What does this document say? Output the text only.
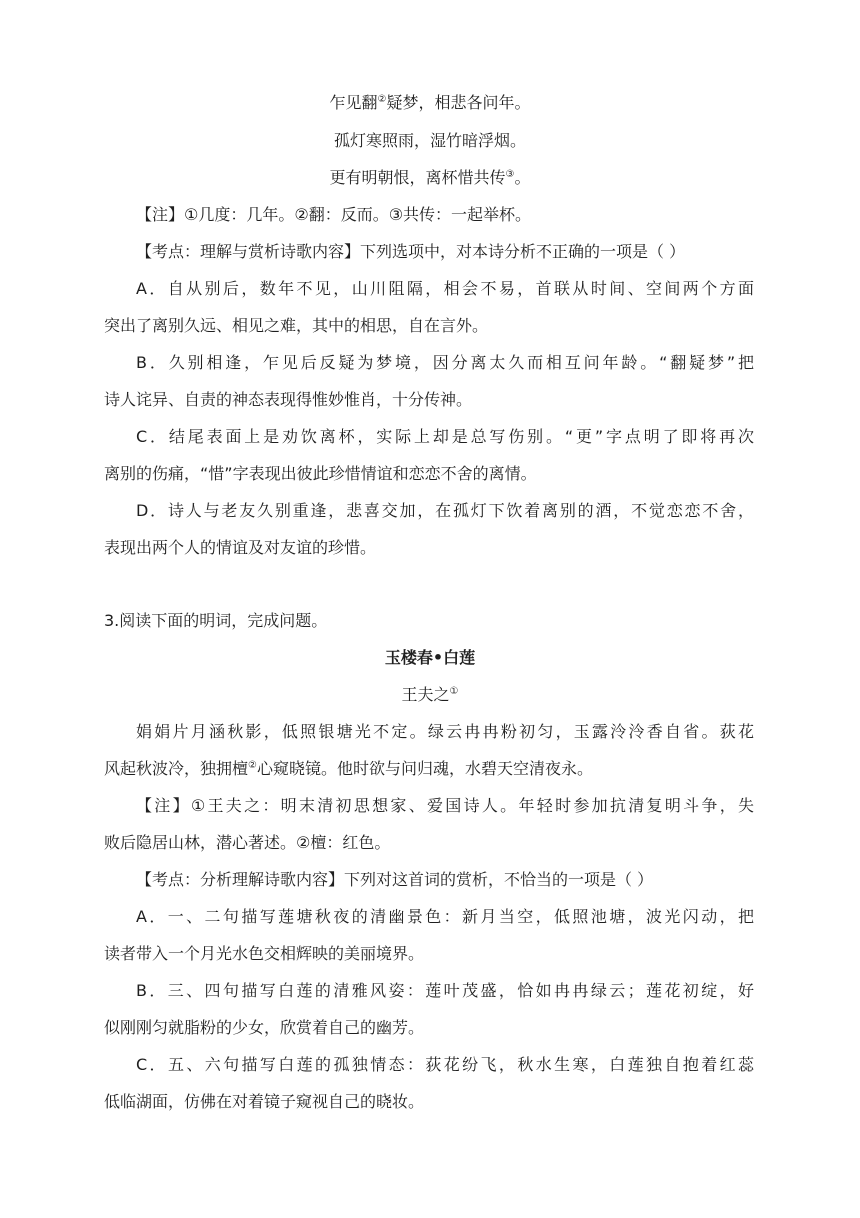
乍见翻②疑梦，相悲各问年。
孤灯寒照雨，湿竹暗浮烟。
更有明朝恨，离杯惜共传③。
【注】①几度：几年。②翻：反而。③共传：一起举杯。
【考点：理解与赏析诗歌内容】下列选项中，对本诗分析不正确的一项是（ ）
A．自从别后，数年不见，山川阻隔，相会不易，首联从时间、空间两个方面
突出了离别久远、相见之难，其中的相思，自在言外。
B．久别相逢，乍见后反疑为梦境，因分离太久而相互问年龄。“翻疑梦”把
诗人诧异、自责的神态表现得惟妙惟肖，十分传神。
C．结尾表面上是劝饮离杯，实际上却是总写伤别。“更”字点明了即将再次
离别的伤痛，“惜”字表现出彼此珍惜情谊和恋恋不舍的离情。
D．诗人与老友久别重逢，悲喜交加，在孤灯下饮着离别的酒，不觉恋恋不舍，
表现出两个人的情谊及对友谊的珍惜。
3.阅读下面的明词，完成问题。
玉楼春•白莲
王夫之①
娟娟片月涵秋影，低照银塘光不定。绿云冉冉粉初匀，玉露泠泠香自省。荻花
风起秋波冷，独拥檀②心窥晓镜。他时欲与问归魂，水碧天空清夜永。
【注】①王夫之：明末清初思想家、爱国诗人。年轻时参加抗清复明斗争，失
败后隐居山林，潜心著述。②檀：红色。
【考点：分析理解诗歌内容】下列对这首词的赏析，不恰当的一项是（ ）
A．一、二句描写莲塘秋夜的清幽景色：新月当空，低照池塘，波光闪动，把
读者带入一个月光水色交相辉映的美丽境界。
B．三、四句描写白莲的清雅风姿：莲叶茂盛，恰如冉冉绿云；莲花初绽，好
似刚刚匀就脂粉的少女，欣赏着自己的幽芳。
C．五、六句描写白莲的孤独情态：荻花纷飞，秋水生寒，白莲独自抱着红蕊
低临湖面，仿佛在对着镜子窥视自己的晓妆。
